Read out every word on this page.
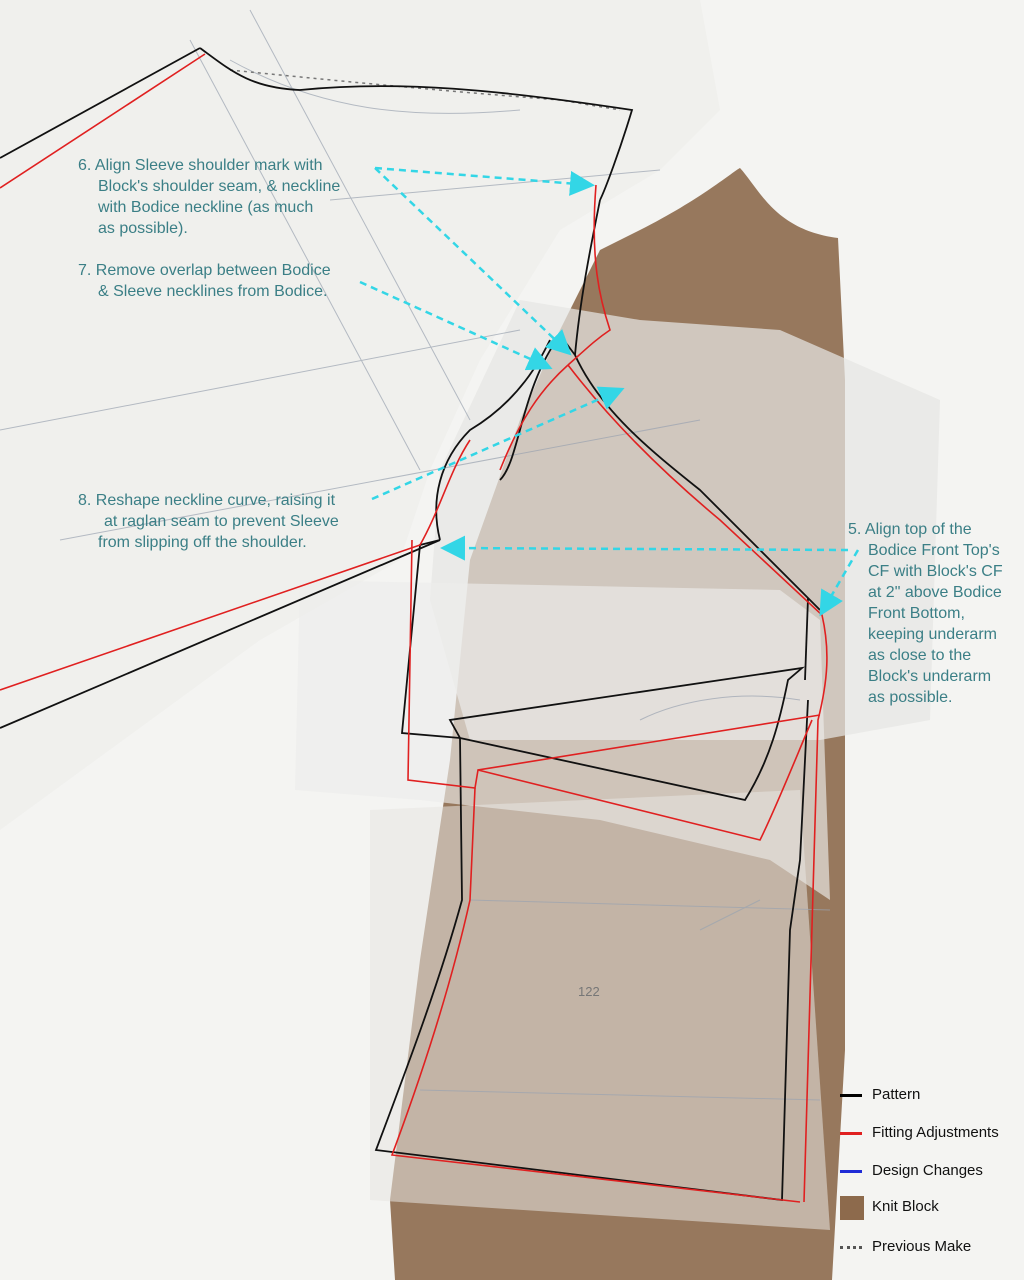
122
6. Align Sleeve shoulder mark with
Block's shoulder seam, & neckline
with Bodice neckline (as much
as possible).
7. Remove overlap between Bodice
& Sleeve necklines from Bodice.
8. Reshape neckline curve, raising it
at raglan seam to prevent Sleeve
from slipping off the shoulder.
5. Align top of the
Bodice Front Top's
CF with Block's CF
at 2" above Bodice
Front Bottom,
keeping underarm
as close to the
Block's underarm
as possible.
Pattern
Fitting Adjustments
Design Changes
Knit Block
Previous Make
